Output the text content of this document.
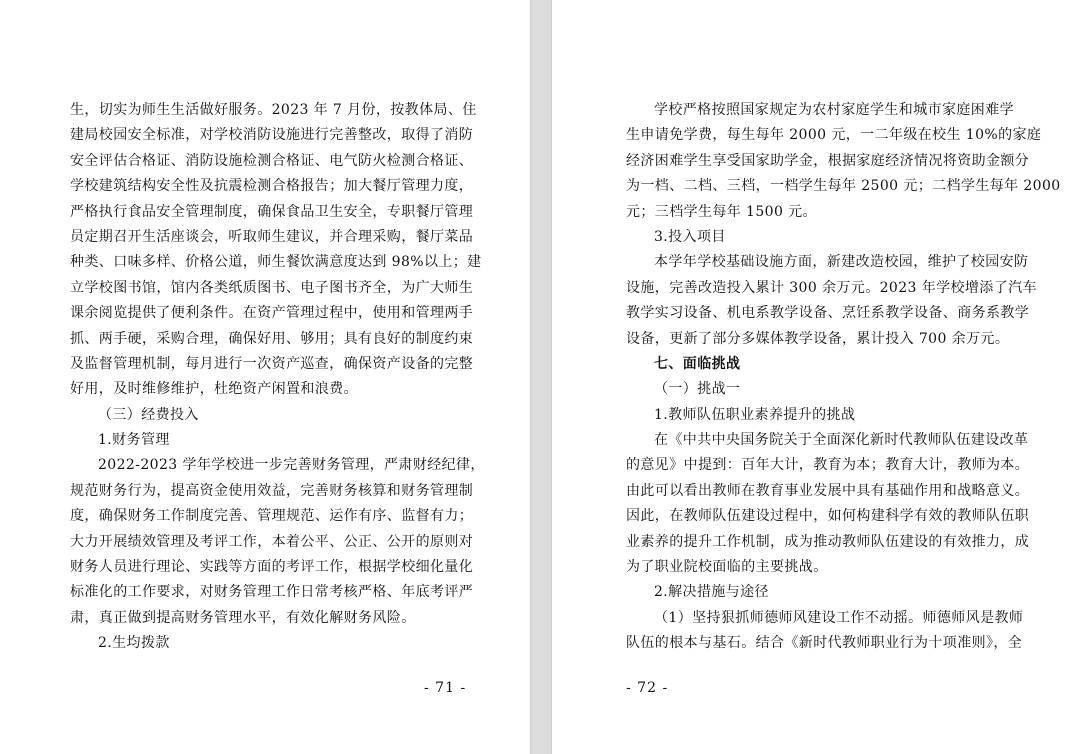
生，切实为师生生活做好服务。2023 年 7 月份，按教体局、住
建局校园安全标准，对学校消防设施进行完善整改，取得了消防
安全评估合格证、消防设施检测合格证、电气防火检测合格证、
学校建筑结构安全性及抗震检测合格报告；加大餐厅管理力度，
严格执行食品安全管理制度，确保食品卫生安全，专职餐厅管理
员定期召开生活座谈会，听取师生建议，并合理采购，餐厅菜品
种类、口味多样、价格公道，师生餐饮满意度达到 98%以上；建
立学校图书馆，馆内各类纸质图书、电子图书齐全，为广大师生
课余阅览提供了便利条件。在资产管理过程中，使用和管理两手
抓、两手硬，采购合理，确保好用、够用；具有良好的制度约束
及监督管理机制，每月进行一次资产巡查，确保资产设备的完整
好用，及时维修维护，杜绝资产闲置和浪费。
（三）经费投入
1.财务管理
2022-2023 学年学校进一步完善财务管理，严肃财经纪律，
规范财务行为，提高资金使用效益，完善财务核算和财务管理制
度，确保财务工作制度完善、管理规范、运作有序、监督有力；
大力开展绩效管理及考评工作，本着公平、公正、公开的原则对
财务人员进行理论、实践等方面的考评工作，根据学校细化量化
标准化的工作要求，对财务管理工作日常考核严格、年底考评严
肃，真正做到提高财务管理水平，有效化解财务风险。
2.生均拨款
- 71 -
学校严格按照国家规定为农村家庭学生和城市家庭困难学
生申请免学费，每生每年 2000 元，一二年级在校生 10%的家庭
经济困难学生享受国家助学金，根据家庭经济情况将资助金额分
为一档、二档、三档，一档学生每年 2500 元；二档学生每年 2000
元；三档学生每年 1500 元。
3.投入项目
本学年学校基础设施方面，新建改造校园，维护了校园安防
设施，完善改造投入累计 300 余万元。2023 年学校增添了汽车
教学实习设备、机电系教学设备、烹饪系教学设备、商务系教学
设备，更新了部分多媒体教学设备，累计投入 700 余万元。
七、面临挑战
（一）挑战一
1.教师队伍职业素养提升的挑战
在《中共中央国务院关于全面深化新时代教师队伍建设改革
的意见》中提到：百年大计，教育为本；教育大计，教师为本。
由此可以看出教师在教育事业发展中具有基础作用和战略意义。
因此，在教师队伍建设过程中，如何构建科学有效的教师队伍职
业素养的提升工作机制，成为推动教师队伍建设的有效推力，成
为了职业院校面临的主要挑战。
2.解决措施与途径
（1）坚持狠抓师德师风建设工作不动摇。师德师风是教师
队伍的根本与基石。结合《新时代教师职业行为十项准则》，全
- 72 -
